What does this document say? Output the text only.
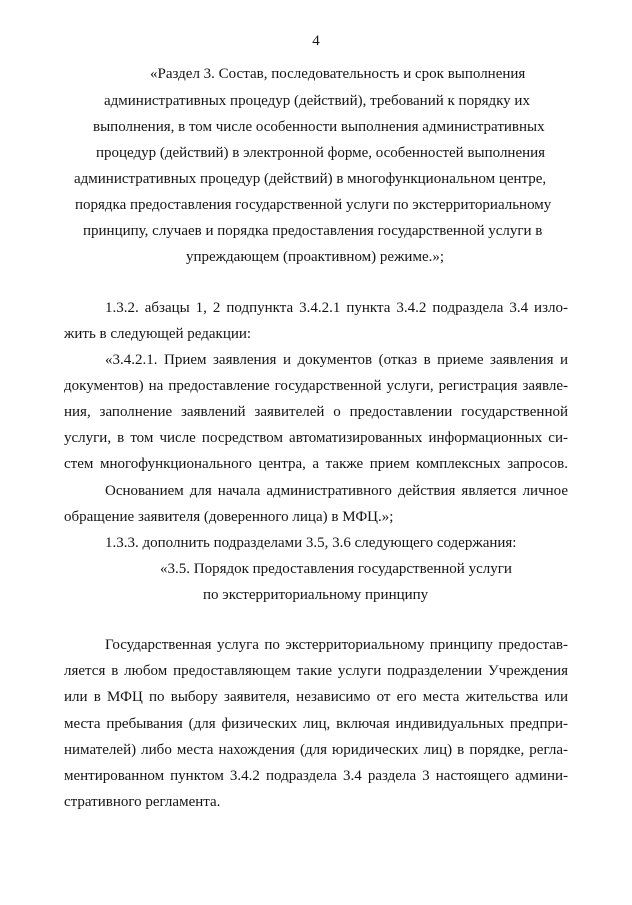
4
«Раздел 3. Состав, последовательность и срок выполнения
административных процедур (действий), требований к порядку их
выполнения, в том числе особенности выполнения административных
процедур (действий) в электронной форме, особенностей выполнения
административных процедур (действий) в многофункциональном центре,
порядка предоставления государственной услуги по экстерриториальному
принципу, случаев и порядка предоставления государственной услуги в
упреждающем (проактивном) режиме.»;
1.3.2. абзацы 1, 2 подпункта 3.4.2.1 пункта 3.4.2 подраздела 3.4 изло-
жить в следующей редакции:
«3.4.2.1. Прием заявления и документов (отказ в приеме заявления и
документов) на предоставление государственной услуги, регистрация заявле-
ния, заполнение заявлений заявителей о предоставлении государственной
услуги, в том числе посредством автоматизированных информационных си-
стем многофункционального центра, а также прием комплексных запросов.
Основанием для начала административного действия является личное
обращение заявителя (доверенного лица) в МФЦ.»;
1.3.3. дополнить подразделами 3.5, 3.6 следующего содержания:
«3.5. Порядок предоставления государственной услуги
по экстерриториальному принципу
Государственная услуга по экстерриториальному принципу предостав-
ляется в любом предоставляющем такие услуги подразделении Учреждения
или в МФЦ по выбору заявителя, независимо от его места жительства или
места пребывания (для физических лиц, включая индивидуальных предпри-
нимателей) либо места нахождения (для юридических лиц) в порядке, регла-
ментированном пунктом 3.4.2 подраздела 3.4 раздела 3 настоящего админи-
стративного регламента.
